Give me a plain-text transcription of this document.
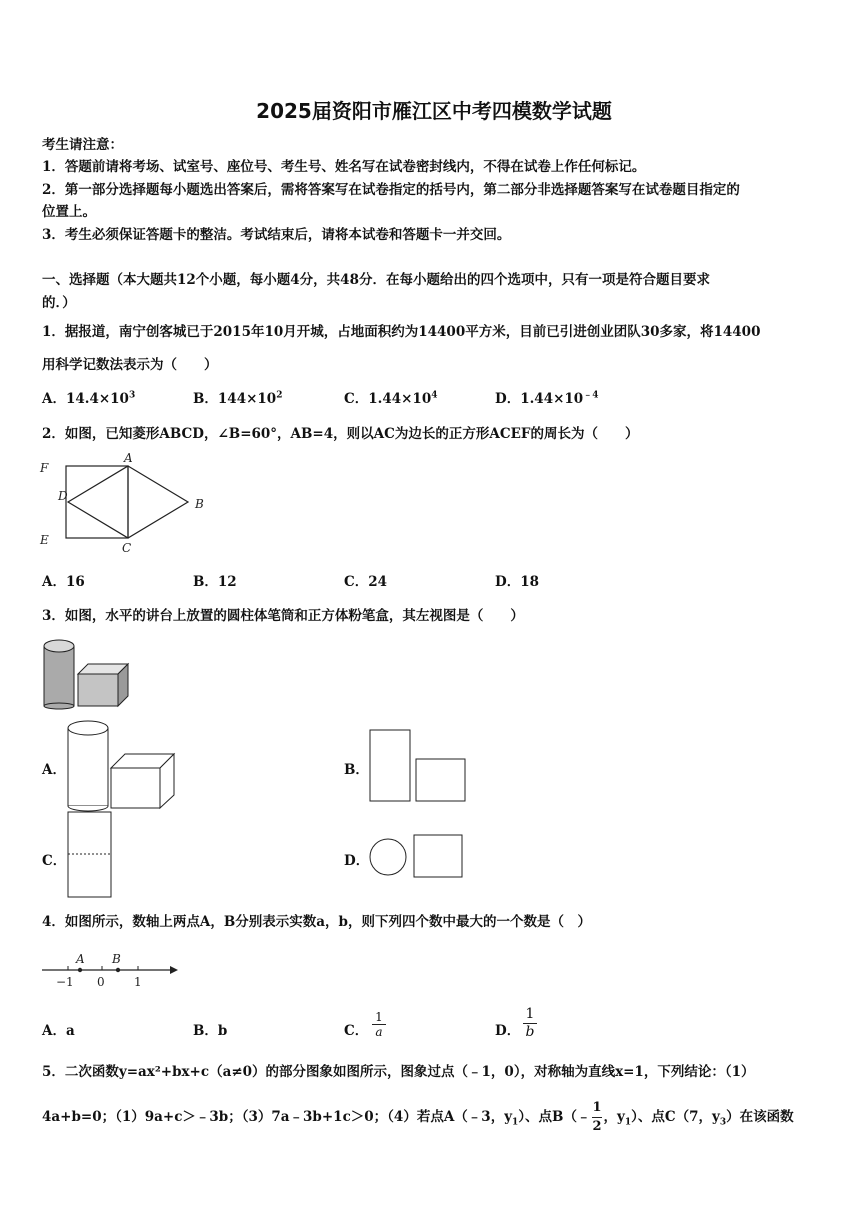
2025届资阳市雁江区中考四模数学试题
考生请注意：
1．答题前请将考场、试室号、座位号、考生号、姓名写在试卷密封线内，不得在试卷上作任何标记。
2．第一部分选择题每小题选出答案后，需将答案写在试卷指定的括号内，第二部分非选择题答案写在试卷题目指定的
位置上。
3．考生必须保证答题卡的整洁。考试结束后，请将本试卷和答题卡一并交回。
一、选择题（本大题共12个小题，每小题4分，共48分．在每小题给出的四个选项中，只有一项是符合题目要求
的．）
1．据报道，南宁创客城已于2015年10月开城，占地面积约为14400平方米，目前已引进创业团队30多家，将14400
用科学记数法表示为（　　）
A．$14.4\times 10^3$	B．$144\times 10^2$	C．$1.44\times 10^4$	D．$1.44\times 10^{﹣4}$
2．如图，已知菱形ABCD，∠B=60°，AB=4，则以AC为边长的正方形ACEF的周长为（　　）
F
A
D
B
E
C
A．16	B．12	C．24	D．18
3．如图，水平的讲台上放置的圆柱体笔筒和正方体粉笔盒，其左视图是（　　）
A．	B．
C．	D．
4．如图所示，数轴上两点A，B分别表示实数a，b，则下列四个数中最大的一个数是（　）
A B
−1 0 1
A．a	B．b	C．
1
a	D．
1
b
5．二次函数y=ax²+bx+c（a≠0）的部分图象如图所示，图象过点（﹣1，0），对称轴为直线x=1，下列结论：（1）
4a+b=0；（1）9a+c＞﹣3b；（3）7a﹣3b+1c＞0；（4）若点A（﹣3，$y_1$）、点B（﹣ $\frac{1}{2}$ ，$y_1$）、点C（7，$y_3$）在该函数
